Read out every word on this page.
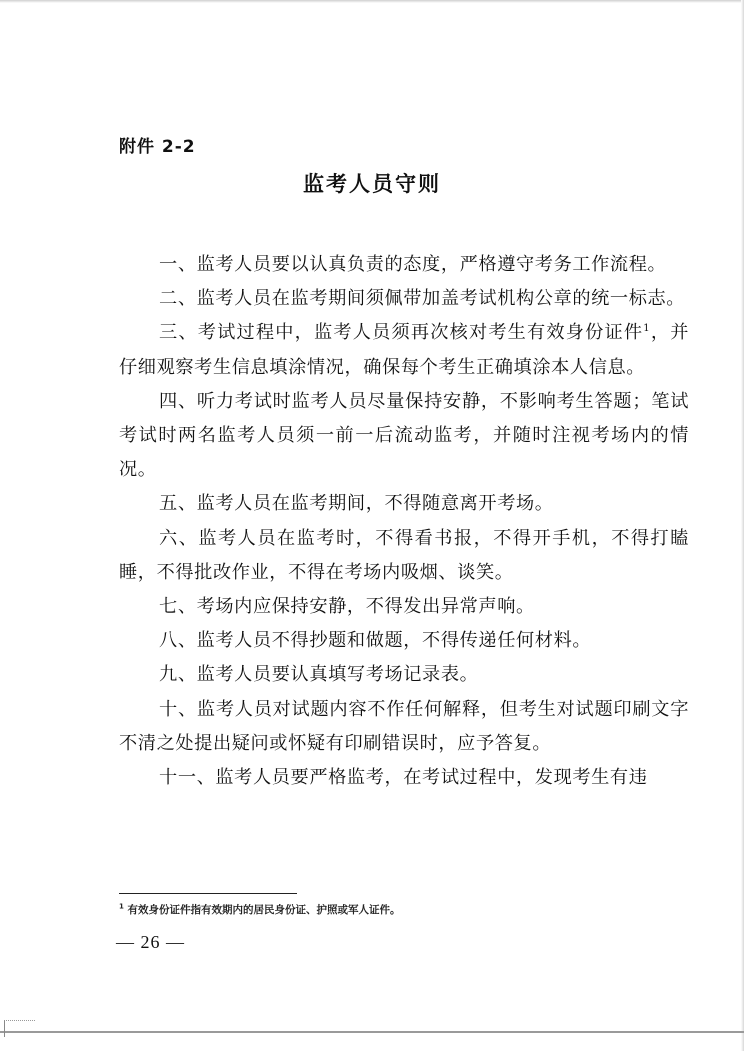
附件 2-2
监考人员守则

一、监考人员要以认真负责的态度，严格遵守考务工作流程。

二、监考人员在监考期间须佩带加盖考试机构公章的统一标志。

三、考试过程中，监考人员须再次核对考生有效身份证件$^1$，并仔细观察考生信息填涂情况，确保每个考生正确填涂本人信息。

四、听力考试时监考人员尽量保持安静，不影响考生答题；笔试考试时两名监考人员须一前一后流动监考，并随时注视考场内的情况。

五、监考人员在监考期间，不得随意离开考场。

六、监考人员在监考时，不得看书报，不得开手机，不得打瞌睡，不得批改作业，不得在考场内吸烟、谈笑。

七、考场内应保持安静，不得发出异常声响。

八、监考人员不得抄题和做题，不得传递任何材料。

九、监考人员要认真填写考场记录表。

十、监考人员对试题内容不作任何解释，但考生对试题印刷文字不清之处提出疑问或怀疑有印刷错误时，应予答复。

十一、监考人员要严格监考，在考试过程中，发现考生有违

$^1$ 有效身份证件指有效期内的居民身份证、护照或军人证件。
— 26 —
